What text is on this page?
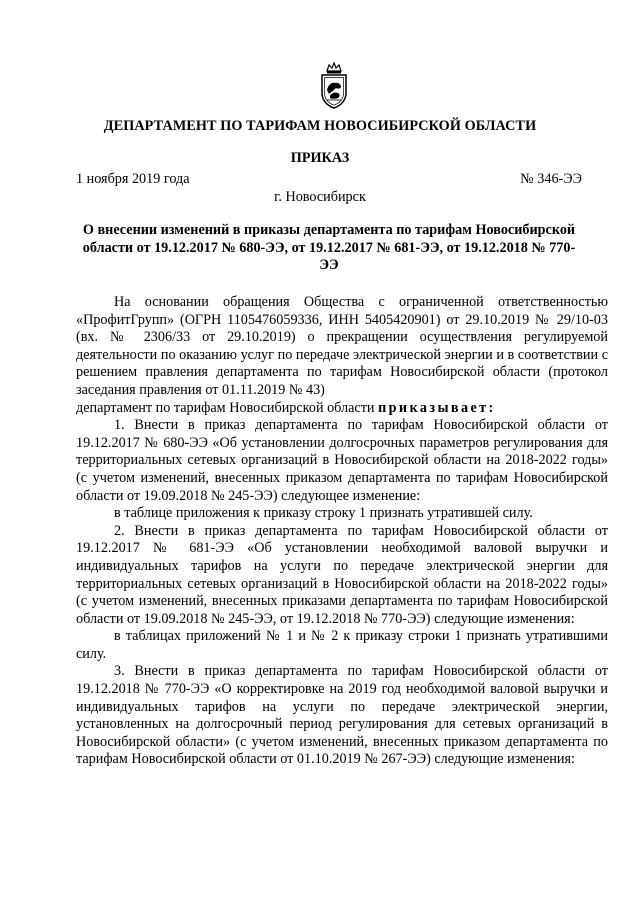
ДЕПАРТАМЕНТ ПО ТАРИФАМ НОВОСИБИРСКОЙ ОБЛАСТИ
ПРИКАЗ
1 ноября 2019 года	№ 346-ЭЭ
г. Новосибирск
О внесении изменений в приказы департамента по тарифам Новосибирской области от 19.12.2017 № 680-ЭЭ, от 19.12.2017 № 681-ЭЭ, от 19.12.2018 № 770-ЭЭ

На основании обращения Общества с ограниченной ответственностью «ПрофитГрупп» (ОГРН 1105476059336, ИНН 5405420901) от 29.10.2019 № 29/10-03 (вх. № 2306/33 от 29.10.2019) о прекращении осуществления регулируемой деятельности по оказанию услуг по передаче электрической энергии и в соответствии с решением правления департамента по тарифам Новосибирской области (протокол заседания правления от 01.11.2019 № 43)

департамент по тарифам Новосибирской области приказывает:

1. Внести в приказ департамента по тарифам Новосибирской области от 19.12.2017 № 680-ЭЭ «Об установлении долгосрочных параметров регулирования для территориальных сетевых организаций в Новосибирской области на 2018-2022 годы» (с учетом изменений, внесенных приказом департамента по тарифам Новосибирской области от 19.09.2018 № 245-ЭЭ) следующее изменение:

в таблице приложения к приказу строку 1 признать утратившей силу.

2. Внести в приказ департамента по тарифам Новосибирской области от 19.12.2017 № 681-ЭЭ «Об установлении необходимой валовой выручки и индивидуальных тарифов на услуги по передаче электрической энергии для территориальных сетевых организаций в Новосибирской области на 2018-2022 годы» (с учетом изменений, внесенных приказами департамента по тарифам Новосибирской области от 19.09.2018 № 245-ЭЭ, от 19.12.2018 № 770-ЭЭ) следующие изменения:

в таблицах приложений № 1 и № 2 к приказу строки 1 признать утратившими силу.

3. Внести в приказ департамента по тарифам Новосибирской области от 19.12.2018 № 770-ЭЭ «О корректировке на 2019 год необходимой валовой выручки и индивидуальных тарифов на услуги по передаче электрической энергии, установленных на долгосрочный период регулирования для сетевых организаций в Новосибирской области» (с учетом изменений, внесенных приказом департамента по тарифам Новосибирской области от 01.10.2019 № 267-ЭЭ) следующие изменения:
